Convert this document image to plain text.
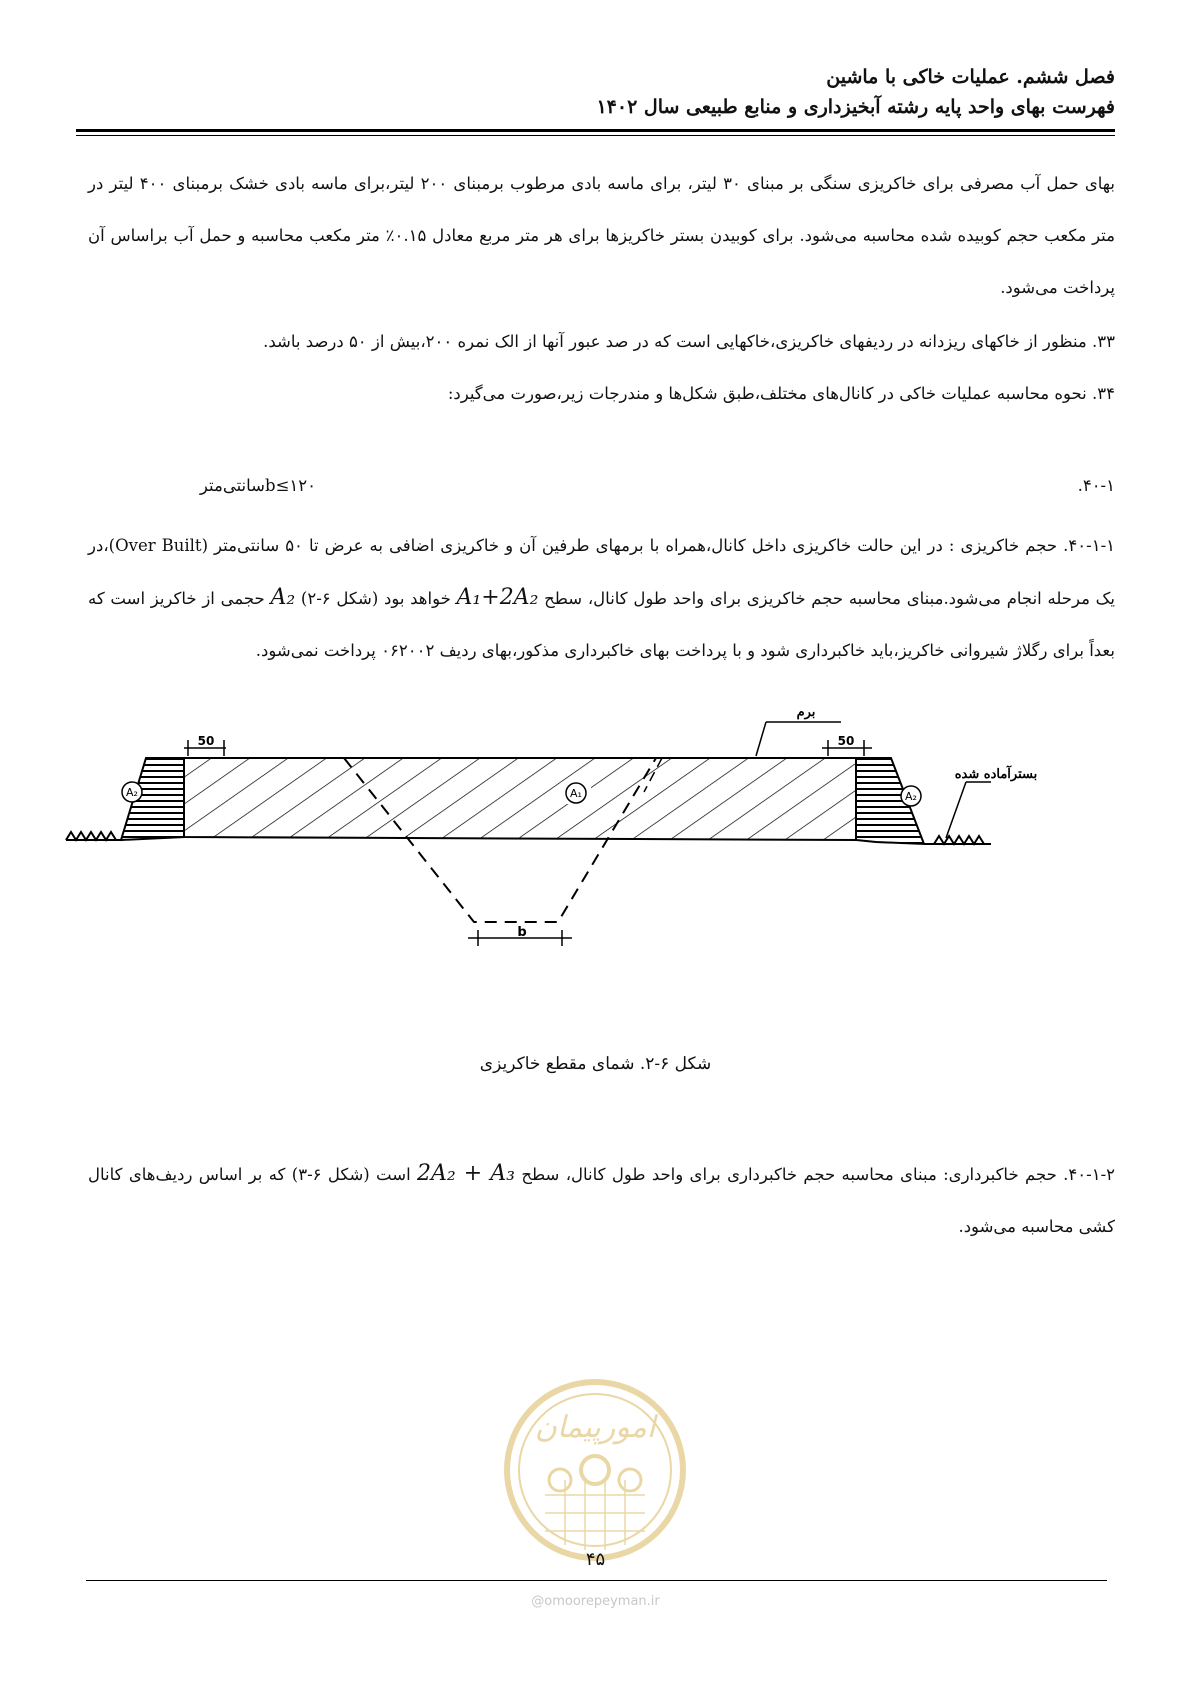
فصل ششم. عملیات خاکی با ماشین
فهرست بهای واحد پایه رشته آبخیزداری و منابع طبیعی سال ۱۴۰۲
بهای حمل آب مصرفی برای خاکریزی سنگی بر مبنای ۳۰ لیتر، برای ماسه بادی مرطوب برمبنای ۲۰۰ لیتر،برای ماسه بادی خشک برمبنای ۴۰۰ لیتر در متر مکعب حجم کوبیده شده محاسبه می‌شود. برای کوبیدن بستر خاکریزها برای هر متر مربع معادل ۰.۱۵٪ متر مکعب محاسبه و حمل آب براساس آن پرداخت می‌شود.
۳۳. منظور از خاکهای ریزدانه در ردیفهای خاکریزی،خاکهایی است که در صد عبور آنها از الک نمره ۲۰۰،بیش از ۵۰ درصد باشد.
۳۴. نحوه محاسبه عملیات خاکی در کانال‌های مختلف،طبق شکل‌ها و مندرجات زیر،صورت می‌گیرد:
۴۰-۱.
b≤۱۲۰سانتی‌متر
۴۰-۱-۱. حجم خاکریزی : در این حالت خاکریزی داخل کانال،همراه با برمهای طرفین آن و خاکریزی اضافی به عرض تا ۵۰ سانتی‌متر (Over Built)،در یک مرحله انجام می‌شود.مبنای محاسبه حجم خاکریزی برای واحد طول کانال، سطح A₁+2A₂ خواهد بود (شکل ۶-۲) A₂ حجمی از خاکریز است که بعداً برای رگلاژ شیروانی خاکریز،باید خاکبرداری شود و با پرداخت بهای خاکبرداری مذکور،بهای ردیف ۰۶۲۰۰۲ پرداخت نمی‌شود.
b
50	50
A₁
A₂	A₂
برم
بسترآماده شده
شکل ۶-۲. شمای مقطع خاکریزی
۴۰-۱-۲. حجم خاکبرداری: مبنای محاسبه حجم خاکبرداری برای واحد طول کانال، سطح 2A₂ + A₃ است (شکل ۶-۳) که بر اساس ردیف‌های کانال کشی محاسبه می‌شود.
امورپیمان
۴۵
@omoorepeyman.ir
